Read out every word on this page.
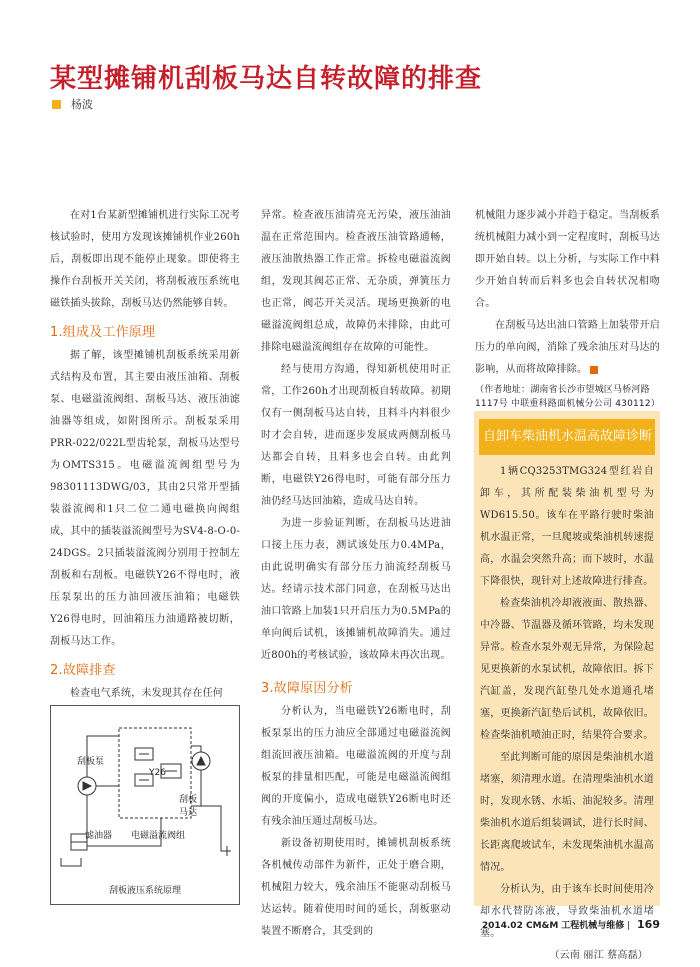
某型摊铺机刮板马达自转故障的排查
杨波
在对1台某新型摊铺机进行实际工况考核试验时，使用方发现该摊铺机作业260h后，刮板即出现不能停止现象。即使将主操作台刮板开关关闭，将刮板液压系统电磁铁插头拔除，刮板马达仍然能够自转。
1.组成及工作原理
据了解，该型摊铺机刮板系统采用新式结构及布置，其主要由液压油箱、刮板泵、电磁溢流阀组、刮板马达、液压油滤油器等组成，如附图所示。刮板泵采用PRR-022/022L型齿轮泵，刮板马达型号为OMTS315。电磁溢流阀组型号为98301113DWG/03，其由2只常开型插装溢流阀和1只二位二通电磁换向阀组成，其中的插装溢流阀型号为SV4-8-O-0-24DGS。2只插装溢流阀分别用于控制左刮板和右刮板。电磁铁Y26不得电时，液压泵泵出的压力油回液压油箱；电磁铁Y26得电时，回油箱压力油通路被切断，刮板马达工作。
2.故障排查
检查电气系统，未发现其存在任何
刮板泵
Y26
刮板
马达
滤油器 电磁溢流阀组
刮板液压系统原理
异常。检查液压油清亮无污染，液压油油温在正常范围内。检查液压油管路通畅，液压油散热器工作正常。拆检电磁溢流阀组，发现其阀芯正常、无杂质，弹簧压力也正常，阀芯开关灵活。现场更换新的电磁溢流阀组总成，故障仍未排除，由此可排除电磁溢流阀组存在故障的可能性。
经与使用方沟通，得知新机使用时正常，工作260h才出现刮板自转故障。初期仅有一侧刮板马达自转，且料斗内料很少时才会自转，进而逐步发展成两侧刮板马达都会自转，且料多也会自转。由此判断，电磁铁Y26得电时，可能有部分压力油仍经马达回油箱，造成马达自转。
为进一步验证判断，在刮板马达进油口接上压力表，测试该处压力0.4MPa，由此说明确实有部分压力油流经刮板马达。经请示技术部门同意，在刮板马达出油口管路上加装1只开启压力为0.5MPa的单向阀后试机，该摊铺机故障消失。通过近800h的考核试验，该故障未再次出现。
3.故障原因分析
分析认为，当电磁铁Y26断电时，刮板泵泵出的压力油应全部通过电磁溢流阀组流回液压油箱。电磁溢流阀的开度与刮板泵的排量相匹配，可能是电磁溢流阀组阀的开度偏小，造成电磁铁Y26断电时还有残余油压通过刮板马达。
新设备初期使用时，摊铺机刮板系统各机械传动部件为新件，正处于磨合期，机械阻力较大，残余油压不能驱动刮板马达运转。随着使用时间的延长，刮板驱动装置不断磨合，其受到的
机械阻力逐步减小并趋于稳定。当刮板系统机械阻力减小到一定程度时，刮板马达即开始自转。以上分析，与实际工作中料少开始自转而后料多也会自转状况相吻合。
在刮板马达出油口管路上加装带开启压力的单向阀，消除了残余油压对马达的影响，从而将故障排除。
（作者地址：湖南省长沙市望城区马桥河路1117号 中联重科路面机械分公司 430112）
自卸车柴油机水温高故障诊断
1辆CQ3253TMG324型红岩自卸车，其所配装柴油机型号为WD615.50。该车在平路行驶时柴油机水温正常，一旦爬坡或柴油机转速提高，水温会突然升高；而下坡时，水温下降很快，现针对上述故障进行排查。
检查柴油机冷却液液面、散热器、中冷器、节温器及循环管路，均未发现异常。检查水泵外观无异常，为保险起见更换新的水泵试机，故障依旧。拆下汽缸盖，发现汽缸垫几处水道通孔堵塞，更换新汽缸垫后试机，故障依旧。检查柴油机喷油正时，结果符合要求。
至此判断可能的原因是柴油机水道堵塞，须清理水道。在清理柴油机水道时，发现水锈、水垢、油泥较多。清理柴油机水道后组装调试，进行长时间、长距离爬坡试车，未发现柴油机水温高情况。
分析认为，由于该车长时间使用冷却水代替防冻液，导致柴油机水道堵塞。
（云南 丽江 蔡高磊）
2014.02 CM&M 工程机械与维修 | 169
